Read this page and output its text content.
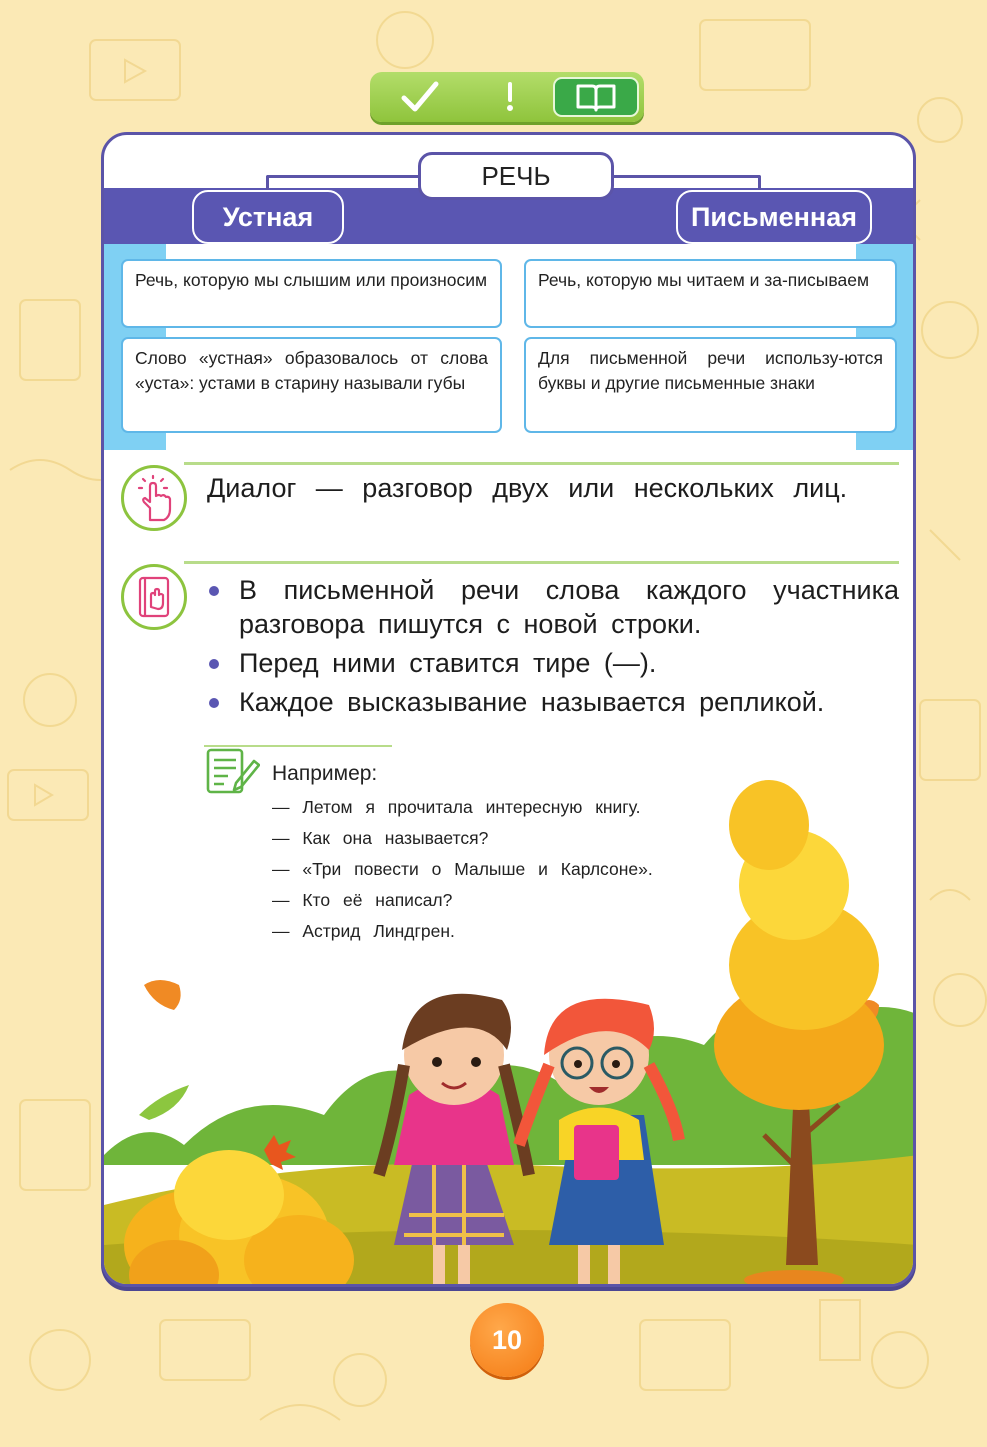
РЕЧЬ
Устная	Письменная
Речь, которую мы слышим или произносим
Слово «устная» образовалось от слова «уста»: устами в старину называли губы
Речь, которую мы читаем и за-писываем
Для письменной речи использу-ются буквы и другие письменные знаки
Диалог — разговор двух или нескольких лиц.
В письменной речи слова каждого участника разговора пишутся с новой строки.
Перед ними ставится тире (—).
Каждое высказывание называется репликой.
Например:
— Летом я прочитала интересную книгу.
— Как она называется?
— «Три повести о Малыше и Карлсоне».
— Кто её написал?
— Астрид Линдгрен.
10
